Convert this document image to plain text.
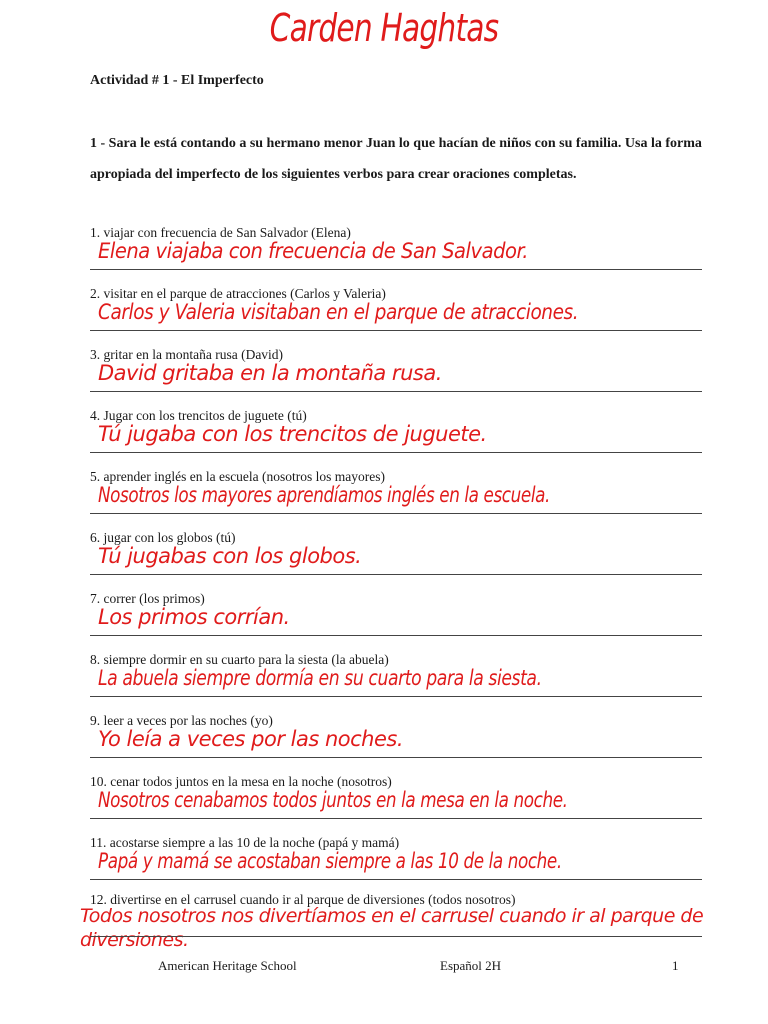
Carden Haghtas
Actividad # 1 - El Imperfecto
1 - Sara le está contando a su hermano menor Juan lo que hacían de niños con su familia. Usa la forma apropiada del imperfecto de los siguientes verbos para crear oraciones completas.
1. viajar con frecuencia de San Salvador (Elena)
Elena viajaba con frecuencia de San Salvador.
2. visitar en el parque de atracciones (Carlos y Valeria)
Carlos y Valeria visitaban en el parque de atracciones.
3. gritar en la montaña rusa (David)
David gritaba en la montaña rusa.
4. Jugar con los trencitos de juguete (tú)
Tú jugaba con los trencitos de juguete.
5. aprender inglés en la escuela (nosotros los mayores)
Nosotros los mayores aprendíamos inglés en la escuela.
6. jugar con los globos (tú)
Tú jugabas con los globos.
7. correr (los primos)
Los primos corrían.
8. siempre dormir en su cuarto para la siesta (la abuela)
La abuela siempre dormía en su cuarto para la siesta.
9. leer a veces por las noches (yo)
Yo leía a veces por las noches.
10. cenar todos juntos en la mesa en la noche (nosotros)
Nosotros cenabamos todos juntos en la mesa en la noche.
11. acostarse siempre a las 10 de la noche (papá y mamá)
Papá y mamá se acostaban siempre a las 10 de la noche.
12. divertirse en el carrusel cuando ir al parque de diversiones (todos nosotros)
Todos nosotros nos divertíamos en el carrusel cuando ir al parque de diversiones.
American Heritage School	Español 2H	1
